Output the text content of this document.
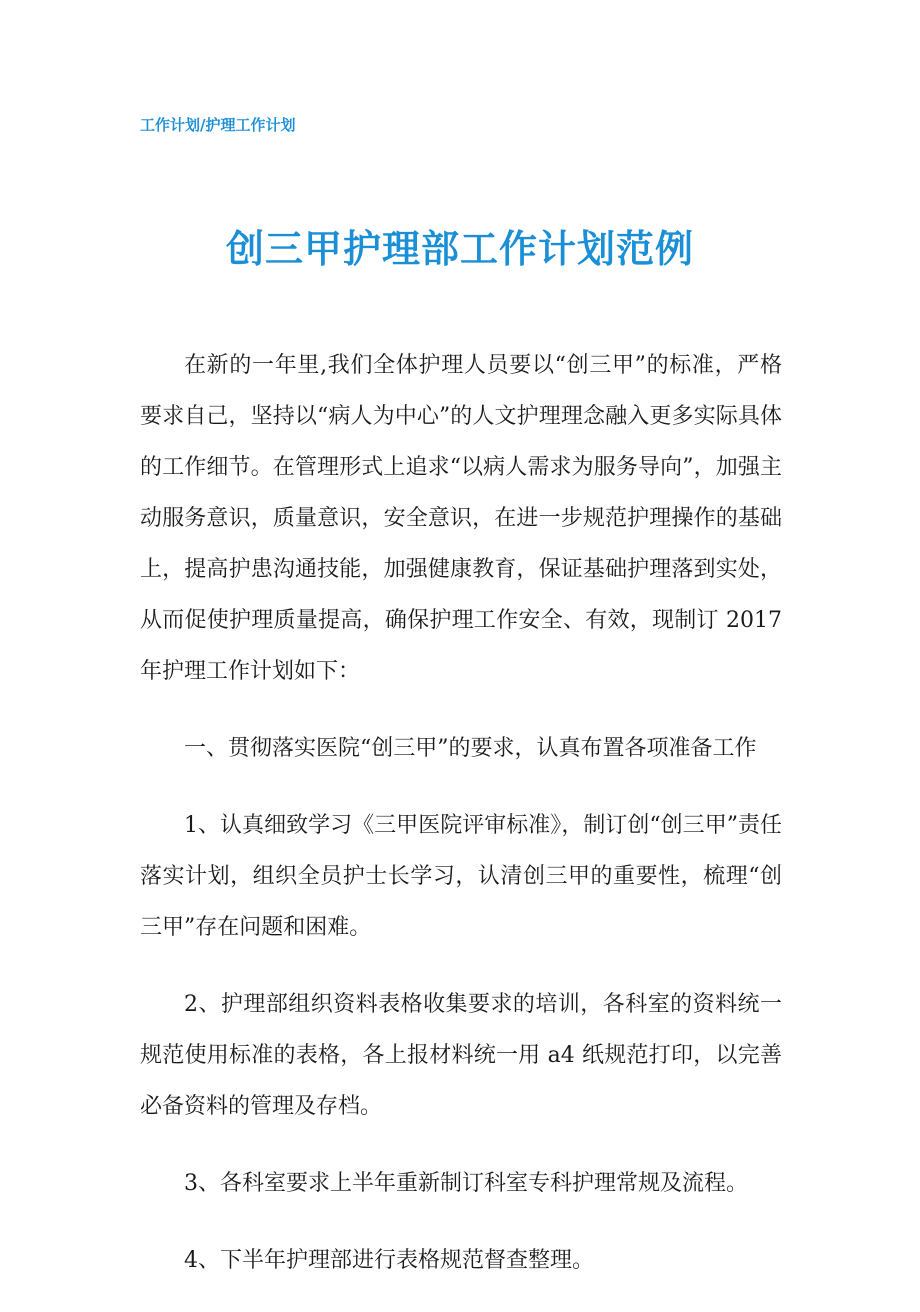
工作计划/护理工作计划
创三甲护理部工作计划范例

在新的一年里,我们全体护理人员要以“创三甲”的标准，严格要求自己，坚持以“病人为中心”的人文护理理念融入更多实际具体的工作细节。在管理形式上追求“以病人需求为服务导向”，加强主动服务意识，质量意识，安全意识，在进一步规范护理操作的基础上，提高护患沟通技能，加强健康教育，保证基础护理落到实处，从而促使护理质量提高，确保护理工作安全、有效，现制订 2017 年护理工作计划如下：

一、贯彻落实医院“创三甲”的要求，认真布置各项准备工作

1、认真细致学习《三甲医院评审标准》，制订创“创三甲”责任落实计划，组织全员护士长学习，认清创三甲的重要性，梳理“创三甲”存在问题和困难。

2、护理部组织资料表格收集要求的培训，各科室的资料统一规范使用标准的表格，各上报材料统一用 a4 纸规范打印，以完善必备资料的管理及存档。

3、各科室要求上半年重新制订科室专科护理常规及流程。

4、下半年护理部进行表格规范督查整理。
